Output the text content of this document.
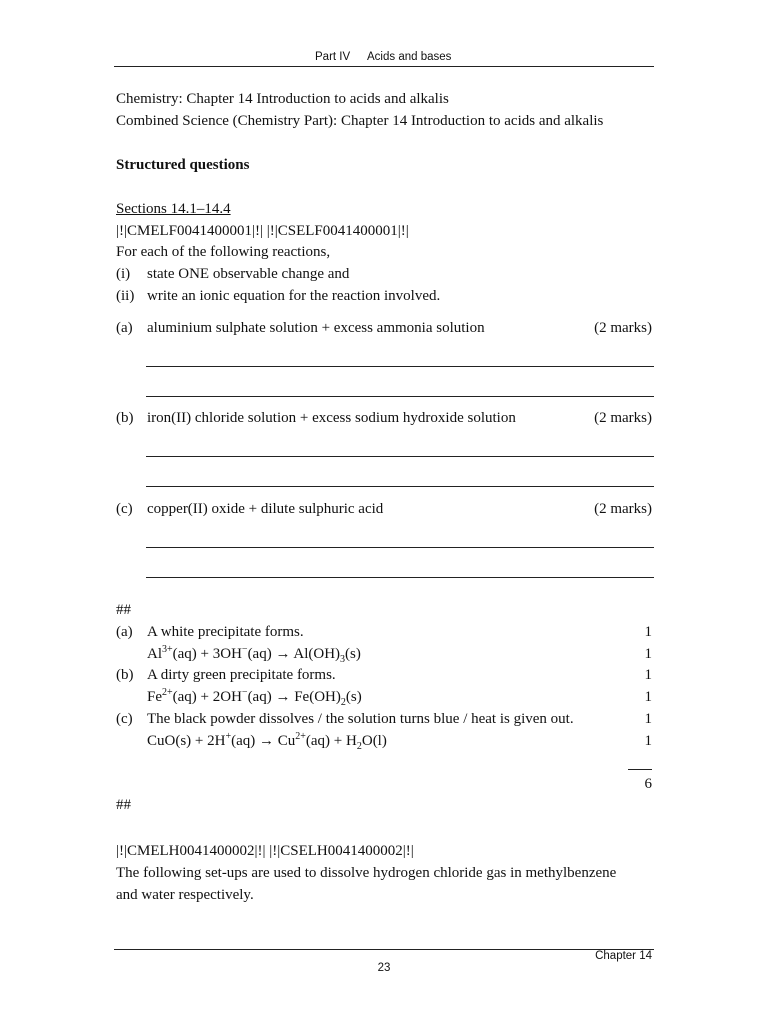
Part IV Acids and bases
Chemistry: Chapter 14 Introduction to acids and alkalis
Combined Science (Chemistry Part): Chapter 14 Introduction to acids and alkalis
Structured questions
Sections 14.1–14.4
|!|CMELF0041400001|!| |!|CSELF0041400001|!|
For each of the following reactions,
(i) state ONE observable change and
(ii) write an ionic equation for the reaction involved.
(a) aluminium sulphate solution + excess ammonia solution	(2 marks)
(b) iron(II) chloride solution + excess sodium hydroxide solution	(2 marks)
(c) copper(II) oxide + dilute sulphuric acid	(2 marks)
##
(a) A white precipitate forms.	1
$Al^{3+}(aq) + 3OH^-(aq) \to Al(OH)_3(s)$	1
(b) A dirty green precipitate forms.	1
$Fe^{2+}(aq) + 2OH^-(aq) \to Fe(OH)_2(s)$	1
(c) The black powder dissolves / the solution turns blue / heat is given out.	1
$CuO(s) + 2H^+(aq) \to Cu^{2+}(aq) + H_2O(l)$	1
6
##
|!|CMELH0041400002|!| |!|CSELH0041400002|!|
The following set-ups are used to dissolve hydrogen chloride gas in methylbenzene
and water respectively.
Chapter 14
23
